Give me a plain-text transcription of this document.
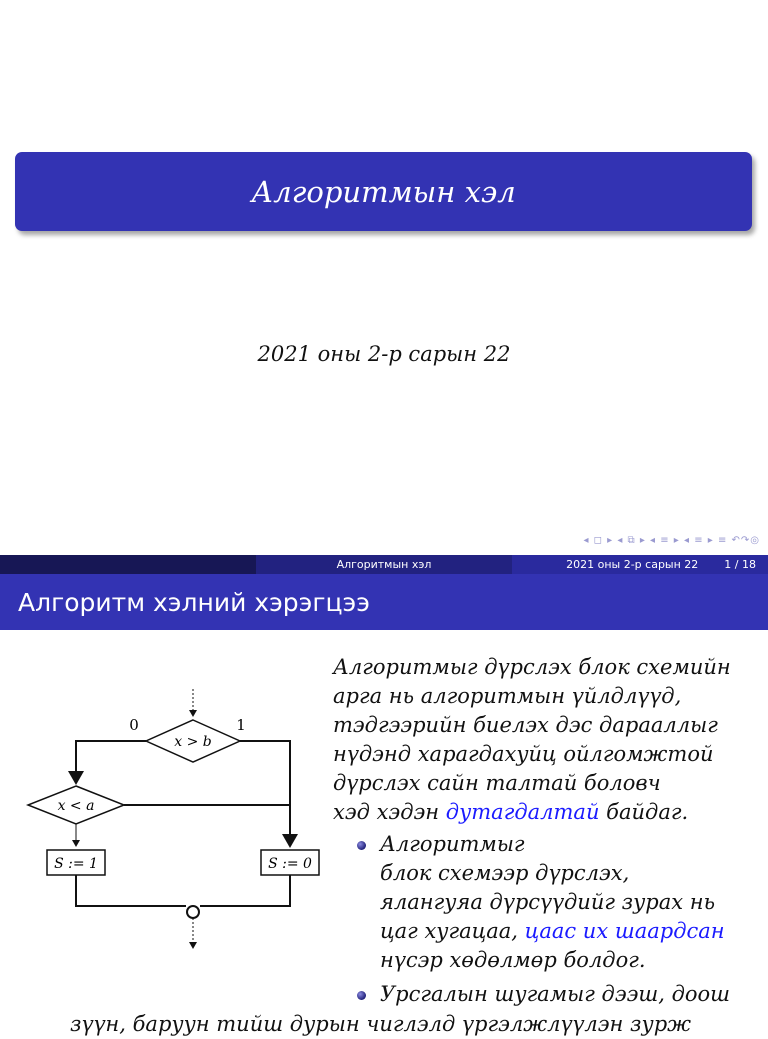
Алгоритмын хэл
2021 оны 2-р сарын 22
◂ ◻ ▸ ◂ ⧉ ▸ ◂ ≡ ▸ ◂ ≡ ▸ ≡ ↶↷◎
Алгоритмын хэл	2021 оны 2-р сарын 22 1 / 18
Алгоритм хэлний хэрэгцээ
x > b
0	1
x < a
S := 1	S := 0
Алгоритмыг дүрслэх блок схемийн
арга нь алгоритмын үйлдлүүд,
тэдгээрийн биелэх дэс дарааллыг
нүдэнд харагдахуйц ойлгомжтой
дүрслэх сайн талтай боловч
хэд хэдэн дутагдалтай байдаг.
Алгоритмыг
блок схемээр дүрслэх,
ялангуяа дүрсүүдийг зурах нь
цаг хугацаа, цаас их шаардсан
нүсэр хөдөлмөр болдог.
Урсгалын шугамыг дээш, доош
зүүн, баруун тийш дурын чиглэлд үргэлжлүүлэн зурж
